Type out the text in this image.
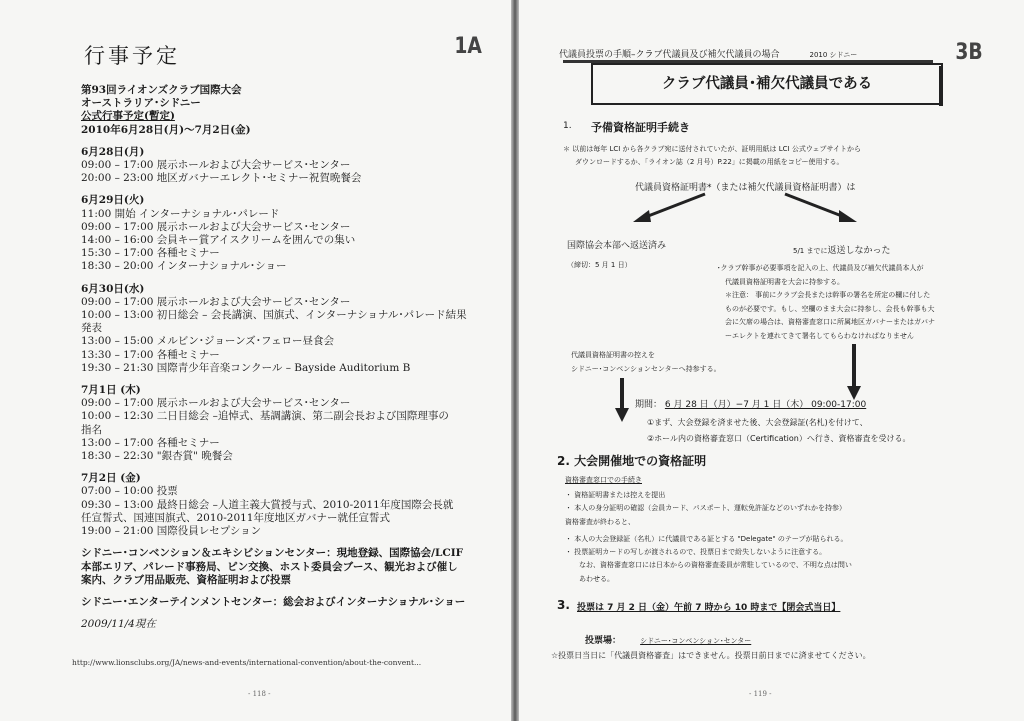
行事予定	1A

第93回ライオンズクラブ国際大会

オーストラリア･シドニー

公式行事予定(暫定)

2010年6月28日(月)〜7月2日(金)

6月28日(月)

09:00 – 17:00 展示ホールおよび大会サービス･センター

20:00 – 23:00 地区ガバナーエレクト･セミナー祝賀晩餐会

6月29日(火)

11:00 開始 インターナショナル･パレード

09:00 – 17:00 展示ホールおよび大会サービス･センター

14:00 – 16:00 会員キー賞アイスクリームを囲んでの集い

15:30 – 17:00 各種セミナー

18:30 – 20:00 インターナショナル･ショー

6月30日(水)

09:00 – 17:00 展示ホールおよび大会サービス･センター

10:00 – 13:00 初日総会 – 会長講演、国旗式、インターナショナル･パレード結果

発表

13:00 – 15:00 メルビン･ジョーンズ･フェロー昼食会

13:30 – 17:00 各種セミナー

19:30 – 21:30 国際青少年音楽コンクール – Bayside Auditorium B

7月1日 (木)

09:00 – 17:00 展示ホールおよび大会サービス･センター

10:00 – 12:30 二日目総会 –追悼式、基調講演、第二副会長および国際理事の

指名

13:00 – 17:00 各種セミナー

18:30 – 22:30 "銀杏賞" 晩餐会

7月2日 (金)

07:00 – 10:00 投票

09:30 – 13:00 最終日総会 –人道主義大賞授与式、2010-2011年度国際会長就

任宣誓式、国連国旗式、2010-2011年度地区ガバナー就任宣誓式

19:00 – 21:00 国際役員レセプション

シドニー･コンベンション＆エキシビションセンター：現地登録、国際協会/LCIF

本部エリア、パレード事務局、ピン交換、ホスト委員会ブース、観光および催し

案内、クラブ用品販売、資格証明および投票

シドニー･エンターテインメントセンター：総会およびインターナショナル･ショー

2009/11/4現在

http://www.lionsclubs.org/JA/news-and-events/international-convention/about-the-convent...
- 118 -
代議員投票の手順–クラブ代議員及び補欠代議員の場合	2010 シドニー	3B
クラブ代議員･補欠代議員である
1. 予備資格証明手続き
＊ 以前は毎年 LCI から各クラブ宛に送付されていたが、証明用紙は LCI 公式ウェブサイトから
ダウンロードするか、「ライオン誌（2 月号）P.22」に掲載の用紙をコピー使用する。
代議員資格証明書*（または補欠代議員資格証明書）は
国際協会本部へ返送済み
（締切：5 月 1 日）
5/1 までに返送しなかった
･クラブ幹事が必要事項を記入の上、代議員及び補欠代議員本人が
代議員資格証明書を大会に持参する。
＊注意： 事前にクラブ会長または幹事の署名を所定の欄に付した
ものが必要です。もし、空欄のまま大会に持参し、会長も幹事も大
会に欠席の場合は、資格審査窓口に所属地区ガバナーまたはガバナ
ーエレクトを連れてきて署名してもらわなければなりません
代議員資格証明書の控えを
シドニー･コンベンションセンターへ持参する。
期間： 6 月 28 日（月）−7 月 1 日（木） 09:00-17:00
①まず、大会登録を済ませた後、大会登録証(名札)を付けて、
②ホール内の資格審査窓口（Certification）へ行き、資格審査を受ける。
2. 大会開催地での資格証明
資格審査窓口での手続き
・ 資格証明書または控えを提出
・ 本人の身分証明の確認（会員カード、パスポート、運転免許証などのいずれかを持参）
資格審査が終わると、
・ 本人の大会登録証（名札）に代議員である証とする "Delegate" のテープが貼られる。
・ 投票証明カードの写しが渡されるので、投票日まで紛失しないように注意する。
なお、資格審査窓口には日本からの資格審査委員が常駐しているので、不明な点は問い
あわせる。
3. 投票は 7 月 2 日（金）午前 7 時から 10 時まで【閉会式当日】
投票場：	シドニー･コンベンション･センター
☆投票日当日に「代議員資格審査」はできません。投票日前日までに済ませてください。
- 119 -
